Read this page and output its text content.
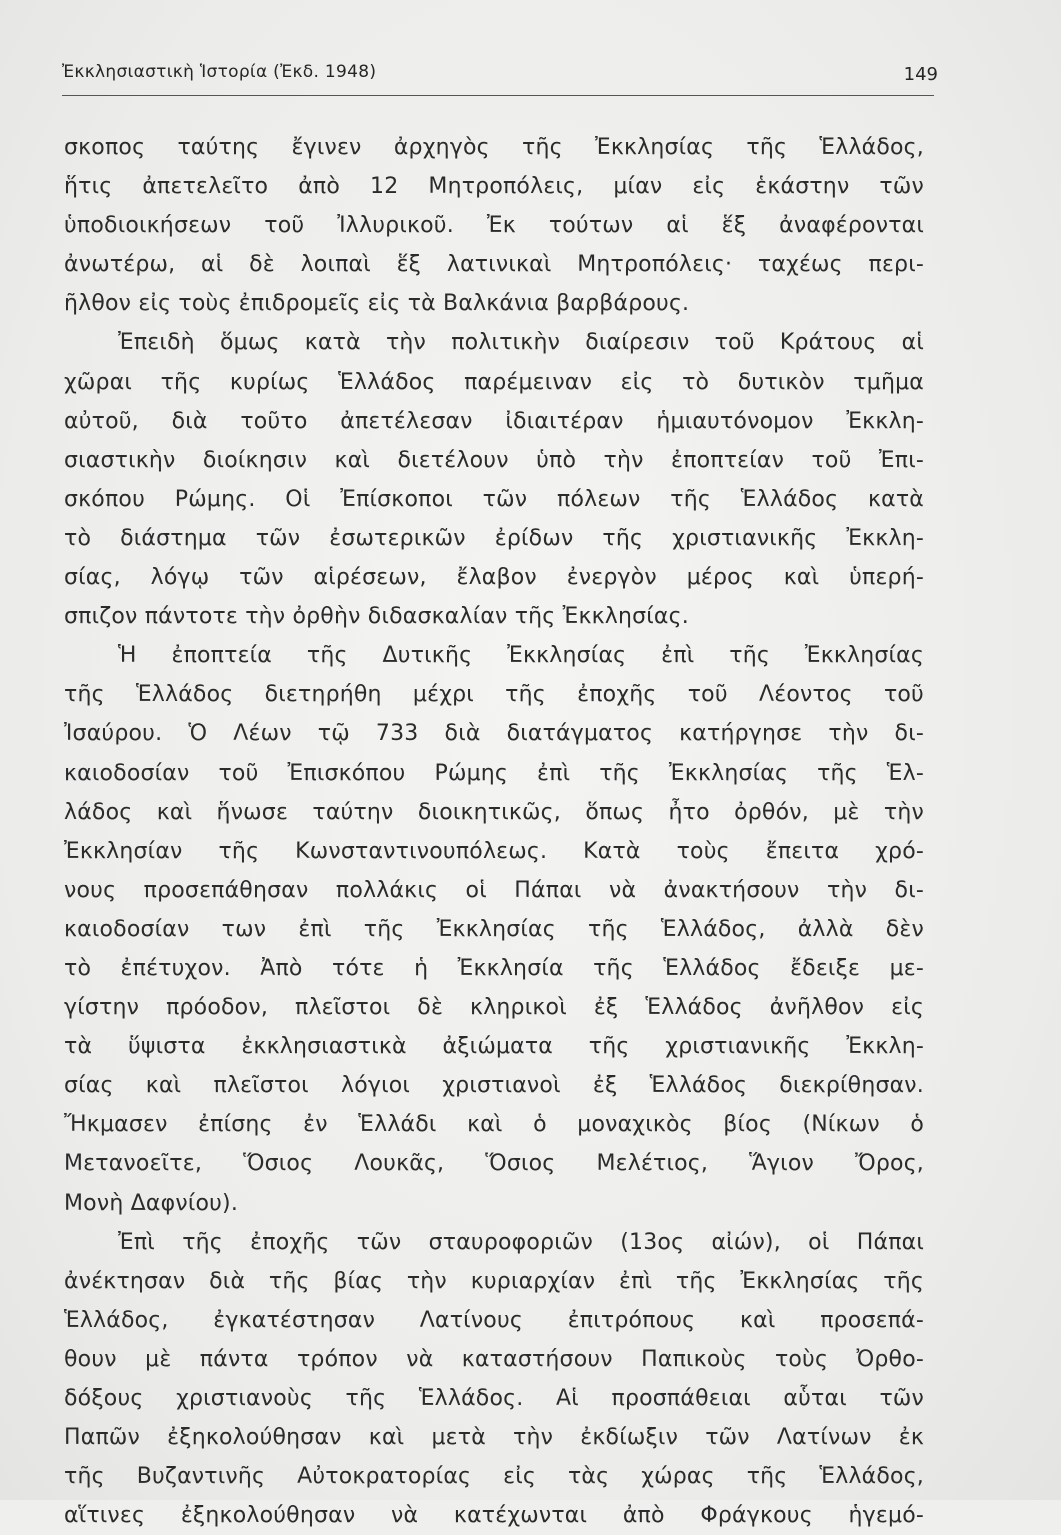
Ἐκκλησιαστικὴ Ἱστορία (Ἐκδ. 1948)	149
σκοπος ταύτης ἔγινεν ἀρχηγὸς τῆς Ἐκκλησίας τῆς Ἑλλάδος,
ἥτις ἀπετελεῖτο ἀπὸ 12 Μητροπόλεις, μίαν εἰς ἑκάστην τῶν
ὑποδιοικήσεων τοῦ Ἰλλυρικοῦ. Ἐκ τούτων αἱ ἕξ ἀναφέρονται
ἀνωτέρω, αἱ δὲ λοιπαὶ ἕξ λατινικαὶ Μητροπόλεις· ταχέως περι-
ῆλθον εἰς τοὺς ἐπιδρομεῖς εἰς τὰ Βαλκάνια βαρβάρους.
Ἐπειδὴ ὅμως κατὰ τὴν πολιτικὴν διαίρεσιν τοῦ Κράτους αἱ
χῶραι τῆς κυρίως Ἑλλάδος παρέμειναν εἰς τὸ δυτικὸν τμῆμα
αὐτοῦ, διὰ τοῦτο ἀπετέλεσαν ἰδιαιτέραν ἡμιαυτόνομον Ἐκκλη-
σιαστικὴν διοίκησιν καὶ διετέλουν ὑπὸ τὴν ἐποπτείαν τοῦ Ἐπι-
σκόπου Ρώμης. Οἱ Ἐπίσκοποι τῶν πόλεων τῆς Ἑλλάδος κατὰ
τὸ διάστημα τῶν ἐσωτερικῶν ἐρίδων τῆς χριστιανικῆς Ἐκκλη-
σίας, λόγῳ τῶν αἱρέσεων, ἔλαβον ἐνεργὸν μέρος καὶ ὑπερή-
σπιζον πάντοτε τὴν ὀρθὴν διδασκαλίαν τῆς Ἐκκλησίας.
Ἡ ἐποπτεία τῆς Δυτικῆς Ἐκκλησίας ἐπὶ τῆς Ἐκκλησίας
τῆς Ἑλλάδος διετηρήθη μέχρι τῆς ἐποχῆς τοῦ Λέοντος τοῦ
Ἰσαύρου. Ὁ Λέων τῷ 733 διὰ διατάγματος κατήργησε τὴν δι-
καιοδοσίαν τοῦ Ἐπισκόπου Ρώμης ἐπὶ τῆς Ἐκκλησίας τῆς Ἑλ-
λάδος καὶ ἥνωσε ταύτην διοικητικῶς, ὅπως ἦτο ὀρθόν, μὲ τὴν
Ἐκκλησίαν τῆς Κωνσταντινουπόλεως. Κατὰ τοὺς ἔπειτα χρό-
νους προσεπάθησαν πολλάκις οἱ Πάπαι νὰ ἀνακτήσουν τὴν δι-
καιοδοσίαν των ἐπὶ τῆς Ἐκκλησίας τῆς Ἑλλάδος, ἀλλὰ δὲν
τὸ ἐπέτυχον. Ἀπὸ τότε ἡ Ἐκκλησία τῆς Ἑλλάδος ἔδειξε με-
γίστην πρόοδον, πλεῖστοι δὲ κληρικοὶ ἐξ Ἑλλάδος ἀνῆλθον εἰς
τὰ ὕψιστα ἐκκλησιαστικὰ ἀξιώματα τῆς χριστιανικῆς Ἐκκλη-
σίας καὶ πλεῖστοι λόγιοι χριστιανοὶ ἐξ Ἑλλάδος διεκρίθησαν.
Ἤκμασεν ἐπίσης ἐν Ἑλλάδι καὶ ὁ μοναχικὸς βίος (Νίκων ὁ
Μετανοεῖτε, Ὅσιος Λουκᾶς, Ὅσιος Μελέτιος, Ἅγιον Ὄρος,
Μονὴ Δαφνίου).
Ἐπὶ τῆς ἐποχῆς τῶν σταυροφοριῶν (13ος αἰών), οἱ Πάπαι
ἀνέκτησαν διὰ τῆς βίας τὴν κυριαρχίαν ἐπὶ τῆς Ἐκκλησίας τῆς
Ἑλλάδος, ἐγκατέστησαν Λατίνους ἐπιτρόπους καὶ προσεπά-
θουν μὲ πάντα τρόπον νὰ καταστήσουν Παπικοὺς τοὺς Ὀρθο-
δόξους χριστιανοὺς τῆς Ἑλλάδος. Αἱ προσπάθειαι αὗται τῶν
Παπῶν ἐξηκολούθησαν καὶ μετὰ τὴν ἐκδίωξιν τῶν Λατίνων ἐκ
τῆς Βυζαντινῆς Αὐτοκρατορίας εἰς τὰς χώρας τῆς Ἑλλάδος,
αἵτινες ἐξηκολούθησαν νὰ κατέχωνται ἀπὸ Φράγκους ἡγεμό-
